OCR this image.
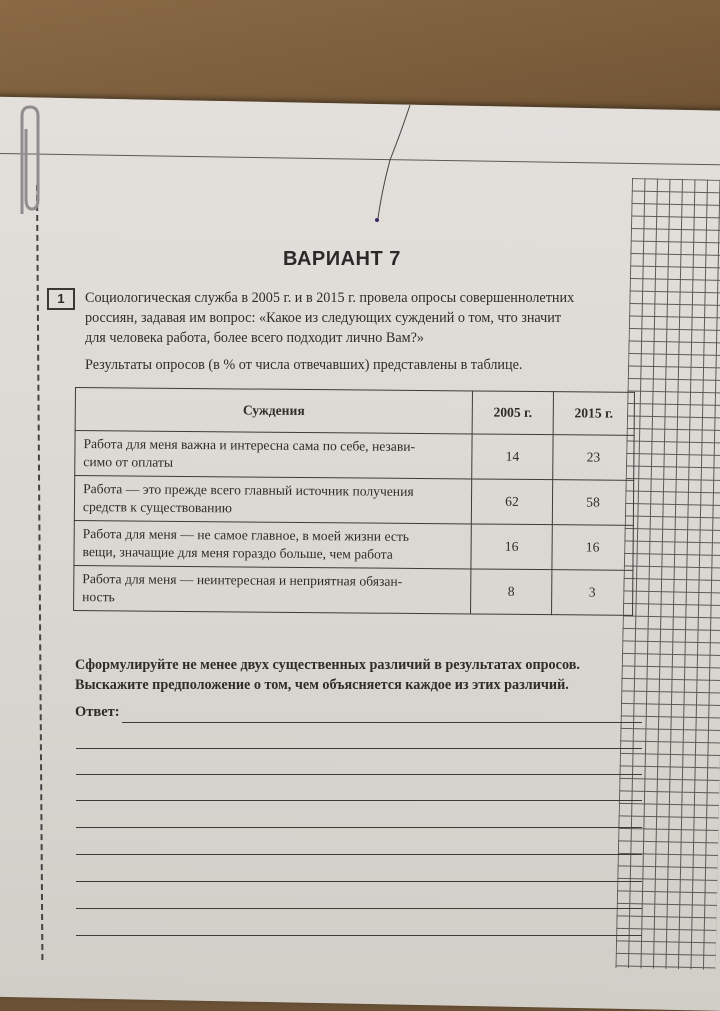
ВАРИАНТ 7
1	Социологическая служба в 2005 г. и в 2015 г. провела опросы совершеннолетних
россиян, задавая им вопрос: «Какое из следующих суждений о том, что значит
для человека работа, более всего подходит лично Вам?»
Результаты опросов (в % от числа отвечавших) представлены в таблице.
Суждения	2005 г.	2015 г.

Работа для меня важна и интересна сама по себе, незави-
симо от оплаты	14	23

Работа — это прежде всего главный источник получения
средств к существованию	62	58

Работа для меня — не самое главное, в моей жизни есть
вещи, значащие для меня гораздо больше, чем работа	16	16

Работа для меня — неинтересная и неприятная обязан-
ность	8	3
Сформулируйте не менее двух существенных различий в результатах опросов.
Выскажите предположение о том, чем объясняется каждое из этих различий.
Ответ:
